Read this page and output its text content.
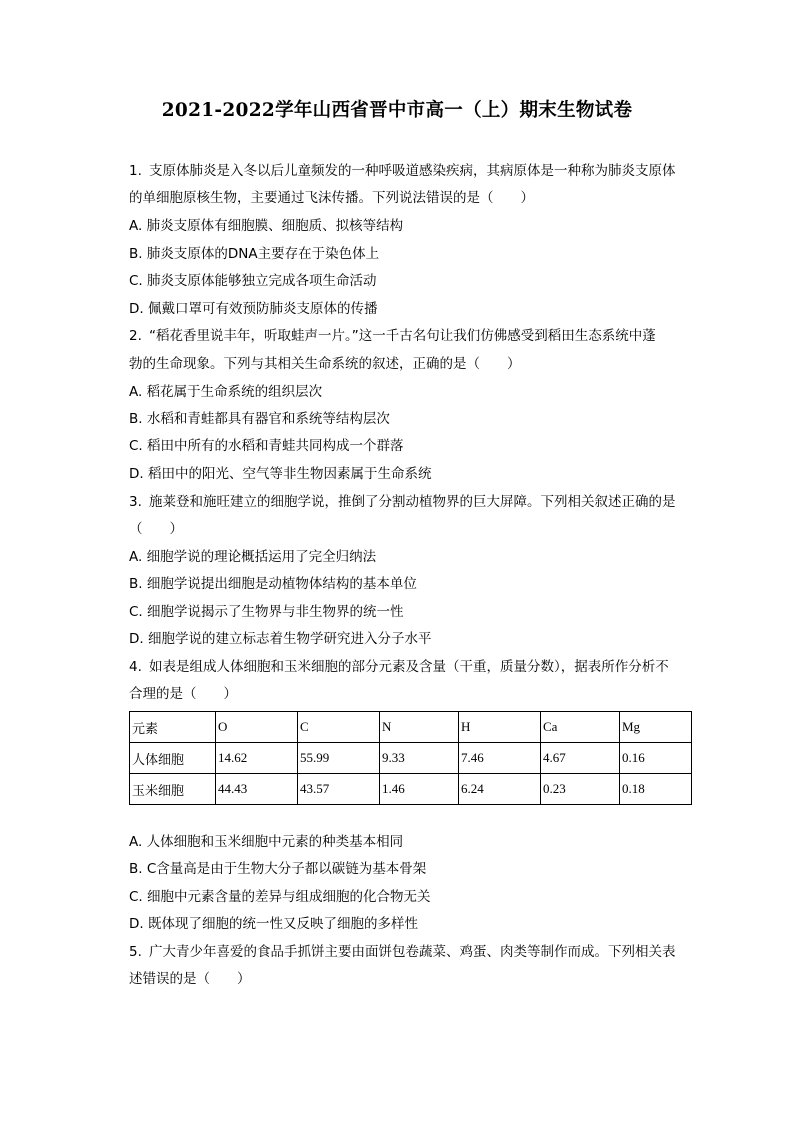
2021-2022学年山西省晋中市高一（上）期末生物试卷
1. 支原体肺炎是入冬以后儿童频发的一种呼吸道感染疾病，其病原体是一种称为肺炎支原体
的单细胞原核生物，主要通过飞沫传播。下列说法错误的是（　　）
A. 肺炎支原体有细胞膜、细胞质、拟核等结构
B. 肺炎支原体的DNA主要存在于染色体上
C. 肺炎支原体能够独立完成各项生命活动
D. 佩戴口罩可有效预防肺炎支原体的传播
2. “稻花香里说丰年，听取蛙声一片。”这一千古名句让我们仿佛感受到稻田生态系统中蓬
勃的生命现象。下列与其相关生命系统的叙述，正确的是（　　）
A. 稻花属于生命系统的组织层次
B. 水稻和青蛙都具有器官和系统等结构层次
C. 稻田中所有的水稻和青蛙共同构成一个群落
D. 稻田中的阳光、空气等非生物因素属于生命系统
3. 施莱登和施旺建立的细胞学说，推倒了分割动植物界的巨大屏障。下列相关叙述正确的是
（　　）
A. 细胞学说的理论概括运用了完全归纳法
B. 细胞学说提出细胞是动植物体结构的基本单位
C. 细胞学说揭示了生物界与非生物界的统一性
D. 细胞学说的建立标志着生物学研究进入分子水平
4. 如表是组成人体细胞和玉米细胞的部分元素及含量（干重，质量分数），据表所作分析不
合理的是（　　）
元素	O	C	N	H	Ca	Mg
人体细胞	14.62	55.99	9.33	7.46	4.67	0.16
玉米细胞	44.43	43.57	1.46	6.24	0.23	0.18
A. 人体细胞和玉米细胞中元素的种类基本相同
B. C含量高是由于生物大分子都以碳链为基本骨架
C. 细胞中元素含量的差异与组成细胞的化合物无关
D. 既体现了细胞的统一性又反映了细胞的多样性
5. 广大青少年喜爱的食品手抓饼主要由面饼包卷蔬菜、鸡蛋、肉类等制作而成。下列相关表
述错误的是（　　）
